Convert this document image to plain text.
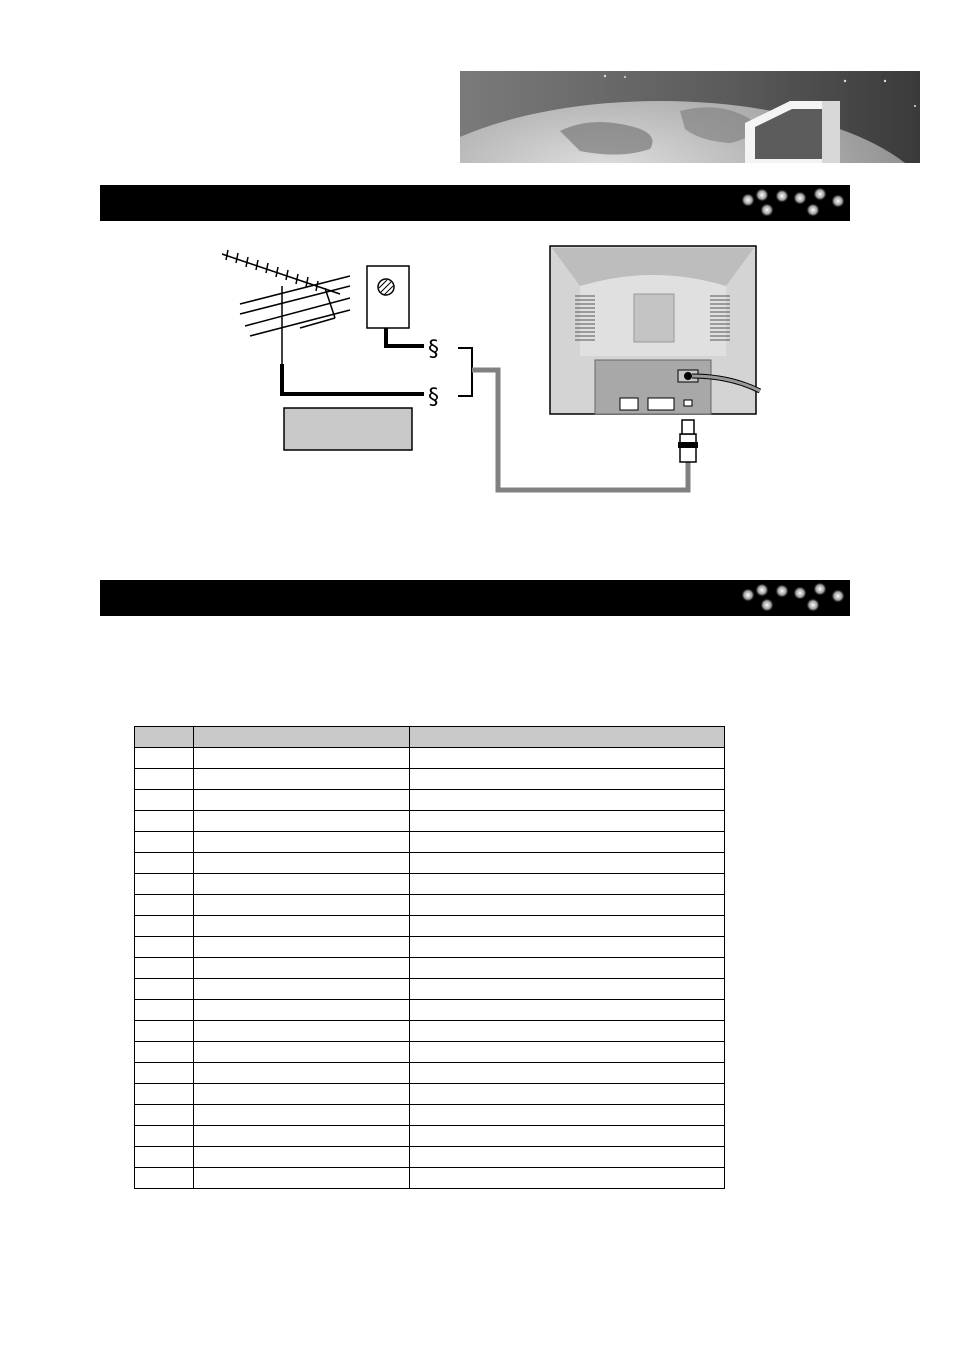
§
§
